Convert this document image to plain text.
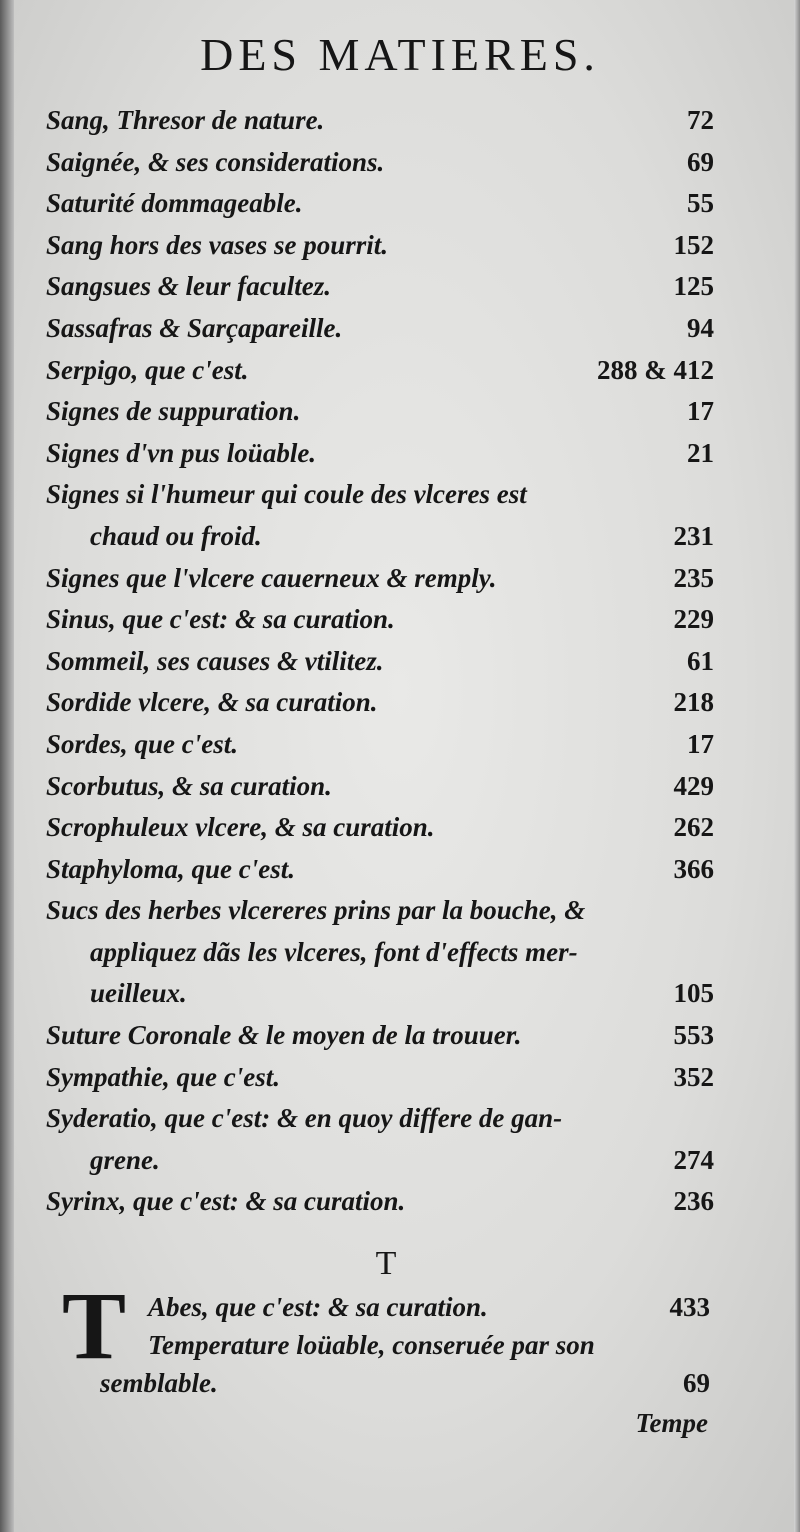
DES MATIERES.
Sang, Thresor de nature.	72
Saignée, & ses considerations.	69
Saturité dommageable.	55
Sang hors des vases se pourrit.	152
Sangsues & leur facultez.	125
Sassafras & Sarçapareille.	94
Serpigo, que c'est.	288 & 412
Signes de suppuration.	17
Signes d'vn pus loüable.	21
Signes si l'humeur qui coule des vlceres est
chaud ou froid.	231
Signes que l'vlcere cauerneux & remply.	235
Sinus, que c'est: & sa curation.	229
Sommeil, ses causes & vtilitez.	61
Sordide vlcere, & sa curation.	218
Sordes, que c'est.	17
Scorbutus, & sa curation.	429
Scrophuleux vlcere, & sa curation.	262
Staphyloma, que c'est.	366
Sucs des herbes vlcereres prins par la bouche, &
appliquez dãs les vlceres, font d'effects mer-
ueilleux.	105
Suture Coronale & le moyen de la trouuer.	553
Sympathie, que c'est.	352
Syderatio, que c'est: & en quoy differe de gan-
grene.	274
Syrinx, que c'est: & sa curation.	236
T
T Abes, que c'est: & sa curation.	433
Temperature loüable, conseruée par son
semblable.	69
Tempe
